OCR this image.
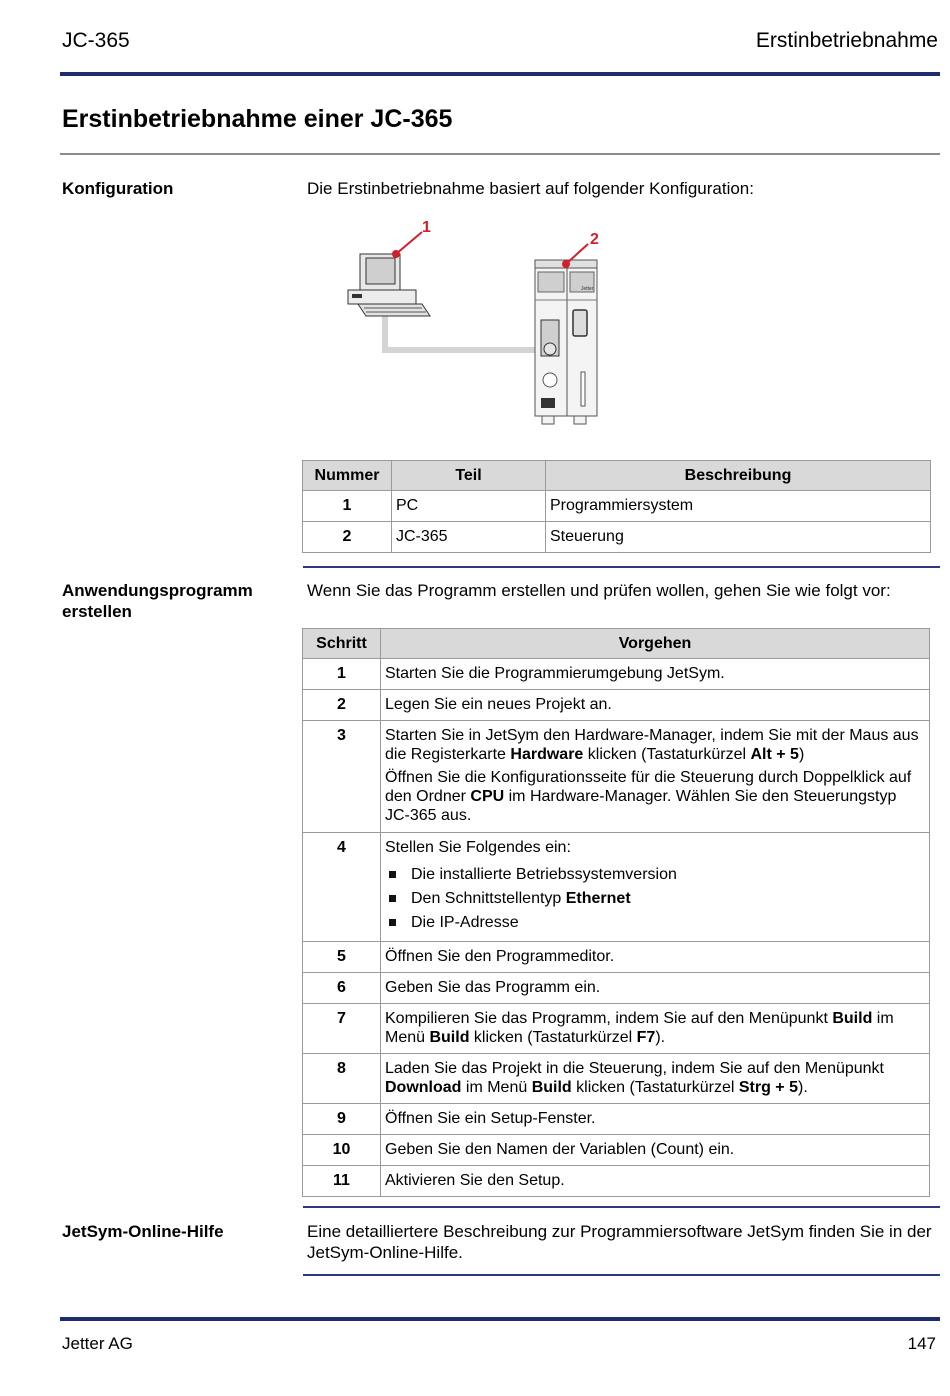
JC-365	Erstinbetriebnahme
Erstinbetriebnahme einer JC-365
Konfiguration	Die Erstinbetriebnahme basiert auf folgender Konfiguration:
Jetter
1
2
Nummer	Teil	Beschreibung
1	PC	Programmiersystem
2	JC-365	Steuerung
Anwendungsprogramm
erstellen
Wenn Sie das Programm erstellen und prüfen wollen, gehen Sie wie folgt vor:
Schritt	Vorgehen
1	Starten Sie die Programmierumgebung JetSym.
2	Legen Sie ein neues Projekt an.
3	Starten Sie in JetSym den Hardware-Manager, indem Sie mit der Maus aus die Registerkarte Hardware klicken (Tastaturkürzel Alt + 5)
Öffnen Sie die Konfigurationsseite für die Steuerung durch Doppelklick auf den Ordner CPU im Hardware-Manager. Wählen Sie den Steuerungstyp JC-365 aus.

4	Stellen Sie Folgendes ein:
Die installierte Betriebssystemversion
Den Schnittstellentyp Ethernet
Die IP-Adresse

5	Öffnen Sie den Programmeditor.
6	Geben Sie das Programm ein.
7	Kompilieren Sie das Programm, indem Sie auf den Menüpunkt Build im Menü Build klicken (Tastaturkürzel F7).
8	Laden Sie das Projekt in die Steuerung, indem Sie auf den Menüpunkt Download im Menü Build klicken (Tastaturkürzel Strg + 5).
9	Öffnen Sie ein Setup-Fenster.
10	Geben Sie den Namen der Variablen (Count) ein.
11	Aktivieren Sie den Setup.
JetSym-Online-Hilfe	Eine detailliertere Beschreibung zur Programmiersoftware JetSym finden Sie in der JetSym-Online-Hilfe.
Jetter AG	147
